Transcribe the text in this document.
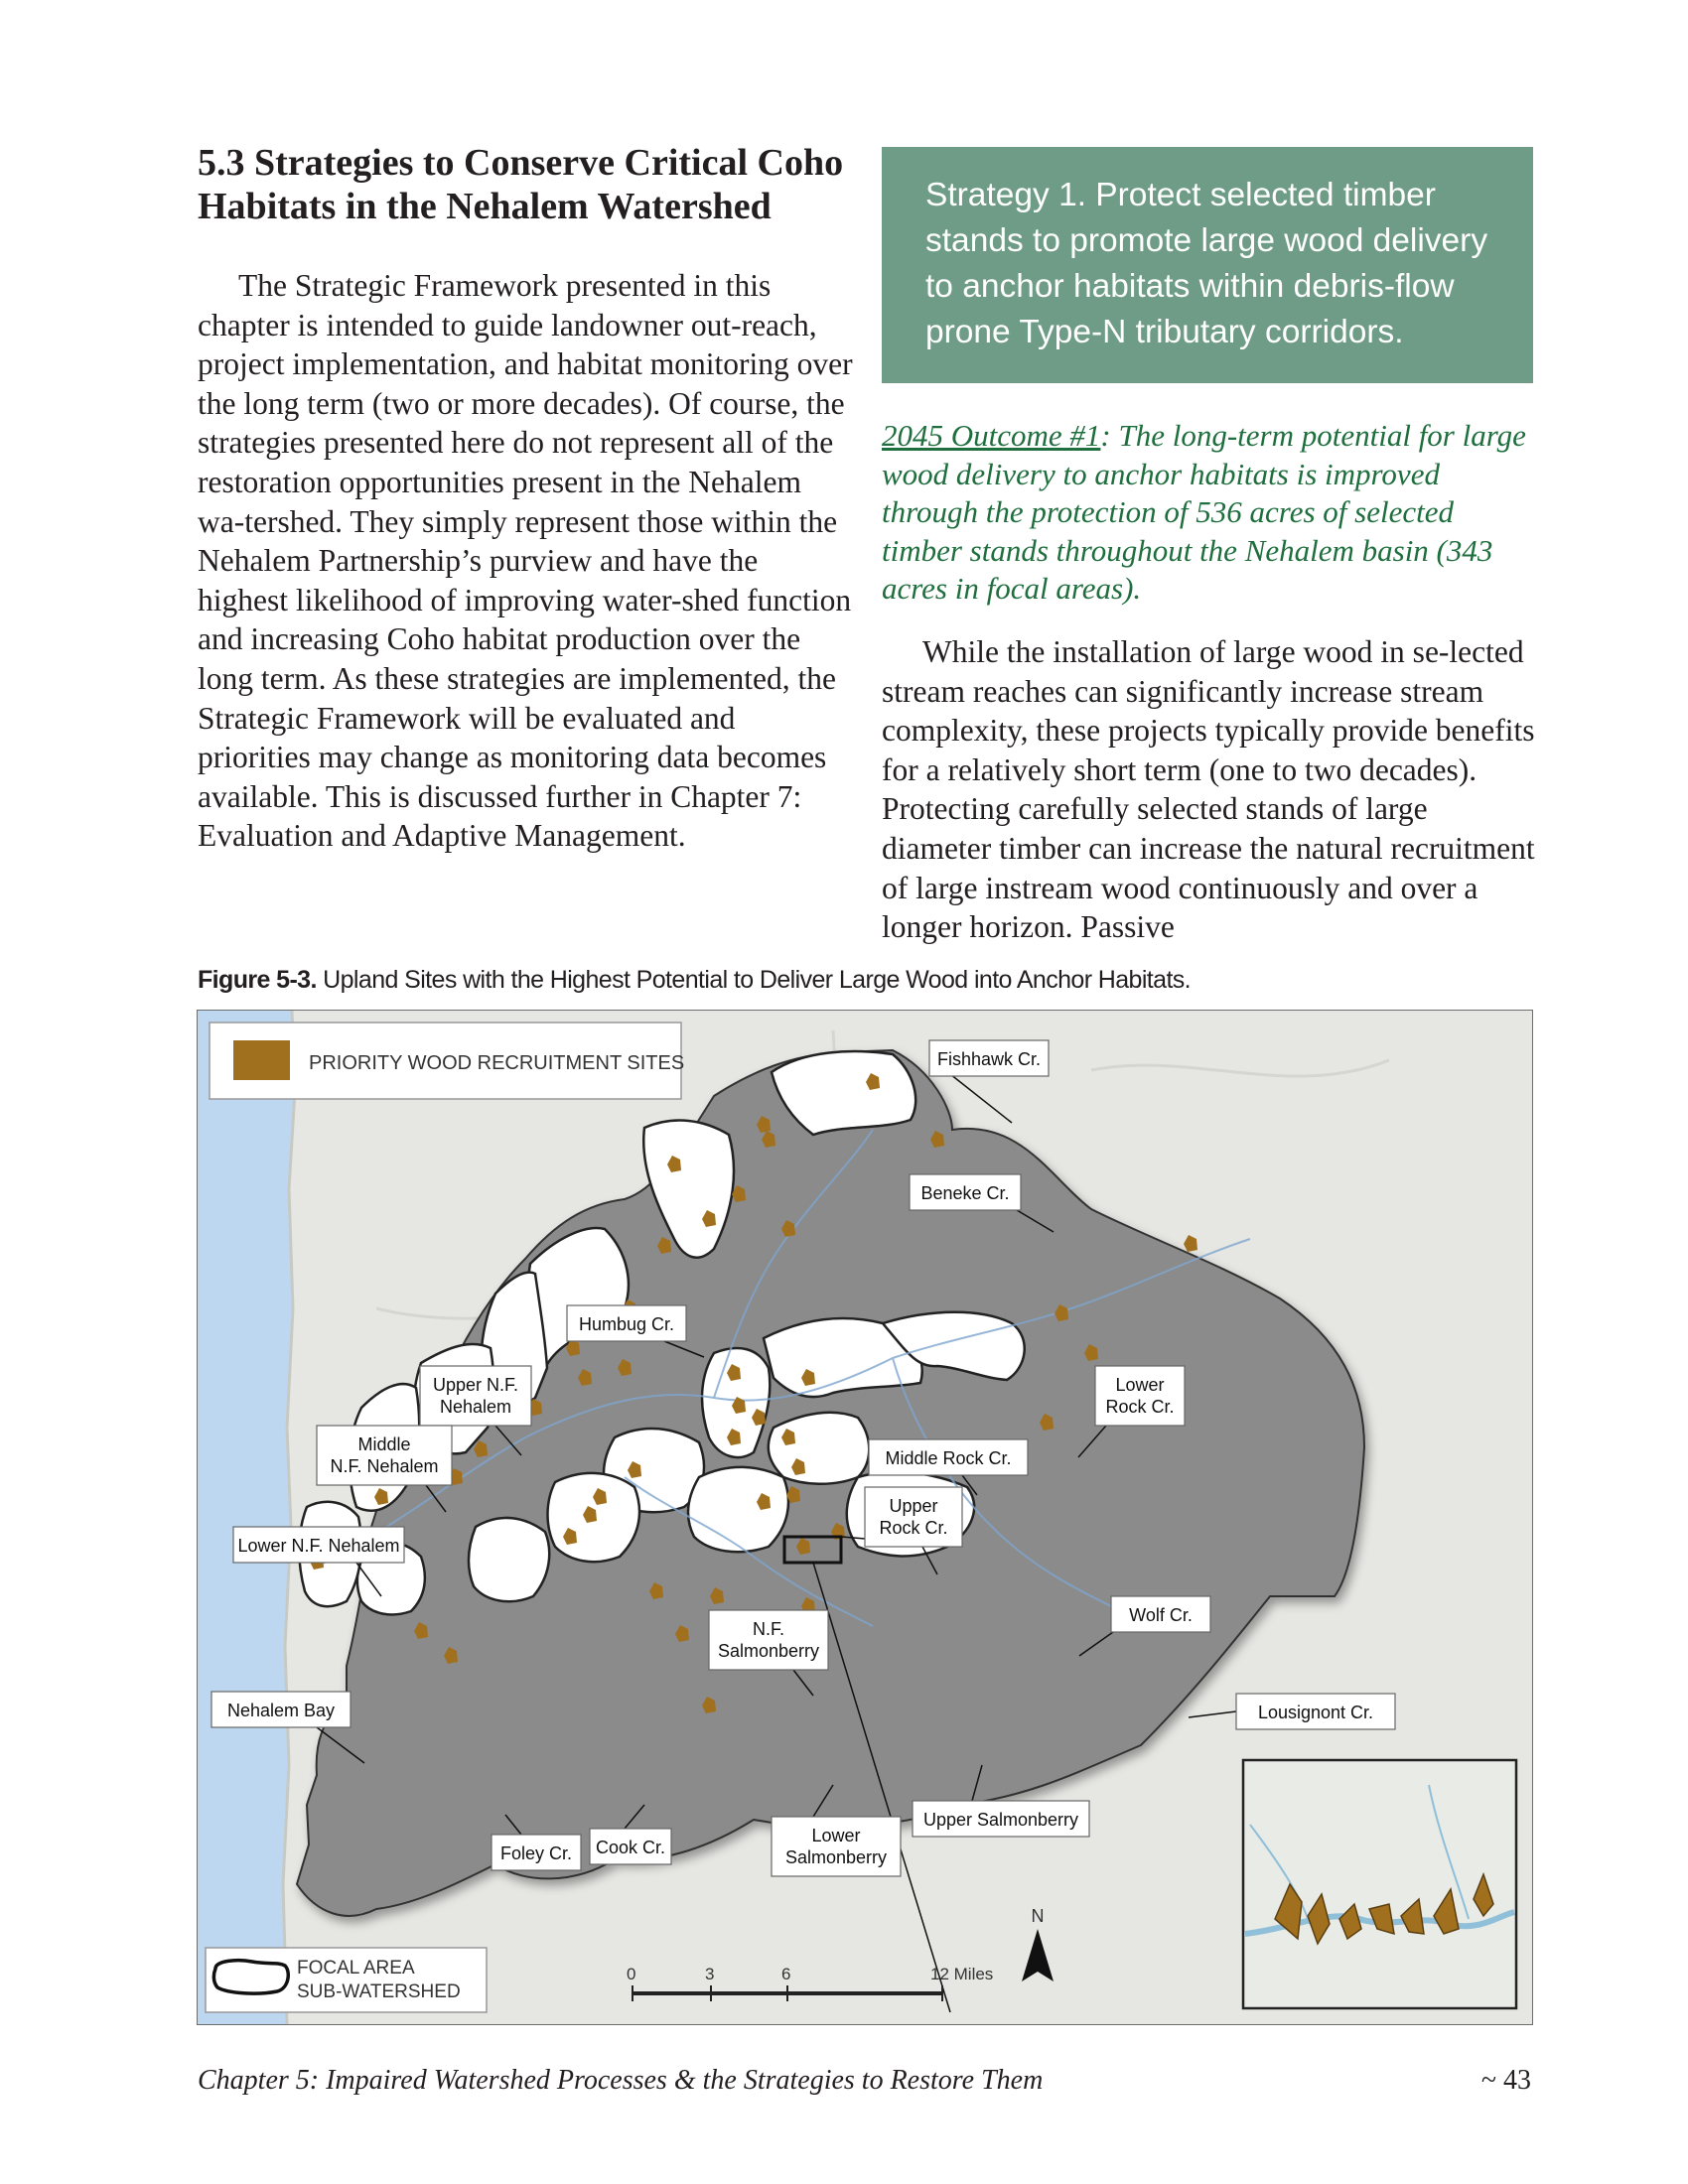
5.3 Strategies to Conserve Critical Coho Habitats in the Nehalem Watershed

The Strategic Framework presented in this chapter is intended to guide landowner out-reach, project implementation, and habitat monitoring over the long term (two or more decades). Of course, the strategies presented here do not represent all of the restoration opportunities present in the Nehalem wa-tershed. They simply represent those within the Nehalem Partnership’s purview and have the highest likelihood of improving water-shed function and increasing Coho habitat production over the long term. As these strategies are implemented, the Strategic Framework will be evaluated and priorities may change as monitoring data becomes available. This is discussed further in Chapter 7: Evaluation and Adaptive Management.

Strategy 1. Protect selected timber stands to promote large wood delivery to anchor habitats within debris-flow prone Type-N tributary corridors.

2045 Outcome #1: The long-term potential for large wood delivery to anchor habitats is improved through the protection of 536 acres of selected timber stands throughout the Nehalem basin (343 acres in focal areas).

While the installation of large wood in se-lected stream reaches can significantly increase stream complexity, these projects typically provide benefits for a relatively short term (one to two decades). Protecting carefully selected stands of large diameter timber can increase the natural recruitment of large instream wood continuously and over a longer horizon. Passive

Figure 5-3. Upland Sites with the Highest Potential to Deliver Large Wood into Anchor Habitats.
PRIORITY WOOD RECRUITMENT SITES
FOCAL AREA
SUB-WATERSHED
0	3	6	12 Miles
N
Fishhawk Cr.
Beneke Cr.
Humbug Cr.
Upper N.F.
Nehalem
Middle
N.F. Nehalem
Lower N.F. Nehalem
Lower
Rock Cr.
Middle Rock Cr.
Upper
Rock Cr.
Wolf Cr.
N.F.
Salmonberry
Nehalem Bay	Lousignont Cr.
Foley Cr. Cook Cr.
Lower
Salmonberry
Upper Salmonberry
Chapter 5: Impaired Watershed Processes & the Strategies to Restore Them	~ 43
